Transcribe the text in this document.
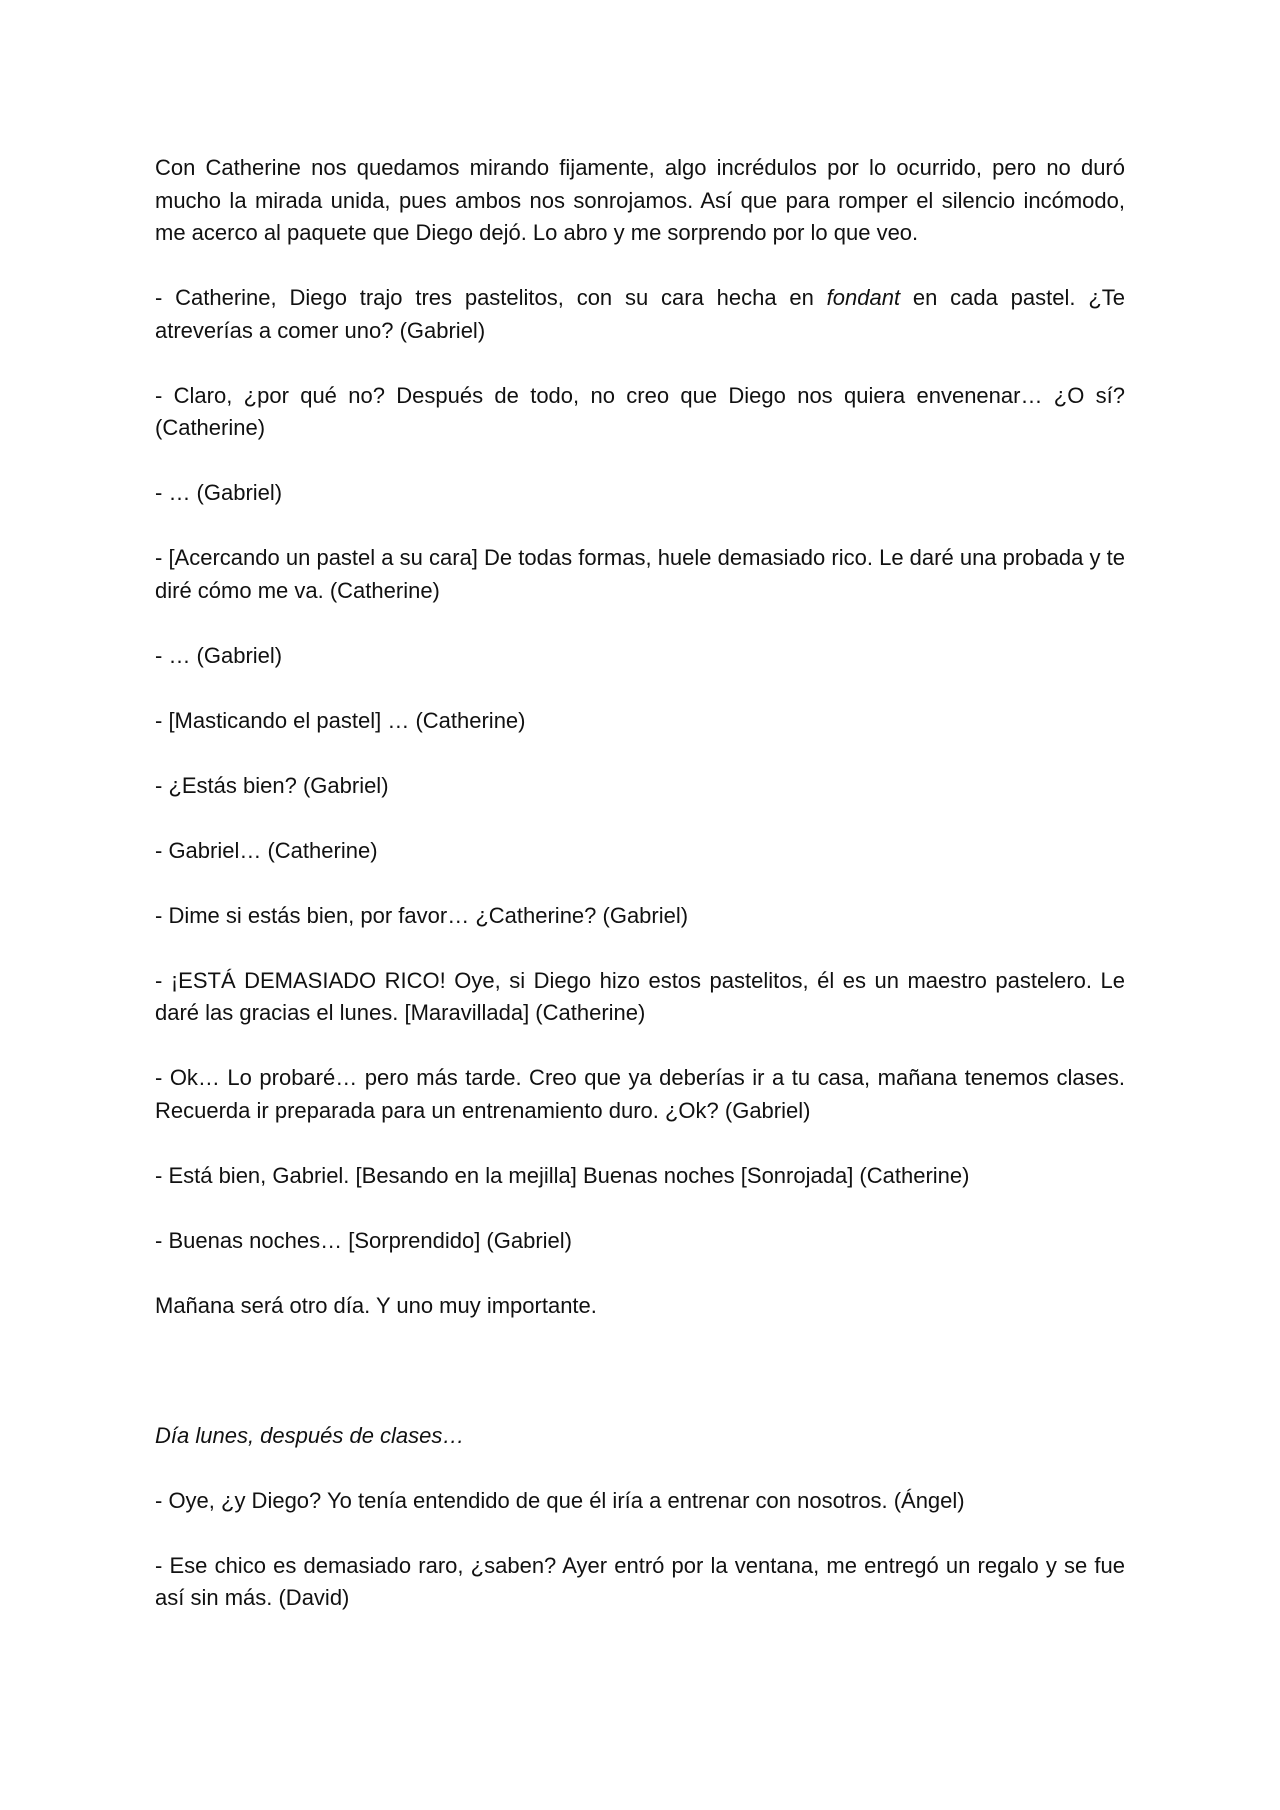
Con Catherine nos quedamos mirando fijamente, algo incrédulos por lo ocurrido, pero no duró mucho la mirada unida, pues ambos nos sonrojamos. Así que para romper el silencio incómodo, me acerco al paquete que Diego dejó. Lo abro y me sorprendo por lo que veo.

- Catherine, Diego trajo tres pastelitos, con su cara hecha en fondant en cada pastel. ¿Te atreverías a comer uno? (Gabriel)

- Claro, ¿por qué no? Después de todo, no creo que Diego nos quiera envenenar… ¿O sí? (Catherine)

- … (Gabriel)

- [Acercando un pastel a su cara] De todas formas, huele demasiado rico. Le daré una probada y te diré cómo me va. (Catherine)

- … (Gabriel)

- [Masticando el pastel] … (Catherine)

- ¿Estás bien? (Gabriel)

- Gabriel… (Catherine)

- Dime si estás bien, por favor… ¿Catherine? (Gabriel)

- ¡ESTÁ DEMASIADO RICO! Oye, si Diego hizo estos pastelitos, él es un maestro pastelero. Le daré las gracias el lunes. [Maravillada] (Catherine)

- Ok… Lo probaré… pero más tarde. Creo que ya deberías ir a tu casa, mañana tenemos clases. Recuerda ir preparada para un entrenamiento duro. ¿Ok? (Gabriel)

- Está bien, Gabriel. [Besando en la mejilla] Buenas noches [Sonrojada] (Catherine)

- Buenas noches… [Sorprendido] (Gabriel)

Mañana será otro día. Y uno muy importante.

Día lunes, después de clases…

- Oye, ¿y Diego? Yo tenía entendido de que él iría a entrenar con nosotros. (Ángel)

- Ese chico es demasiado raro, ¿saben? Ayer entró por la ventana, me entregó un regalo y se fue así sin más. (David)
